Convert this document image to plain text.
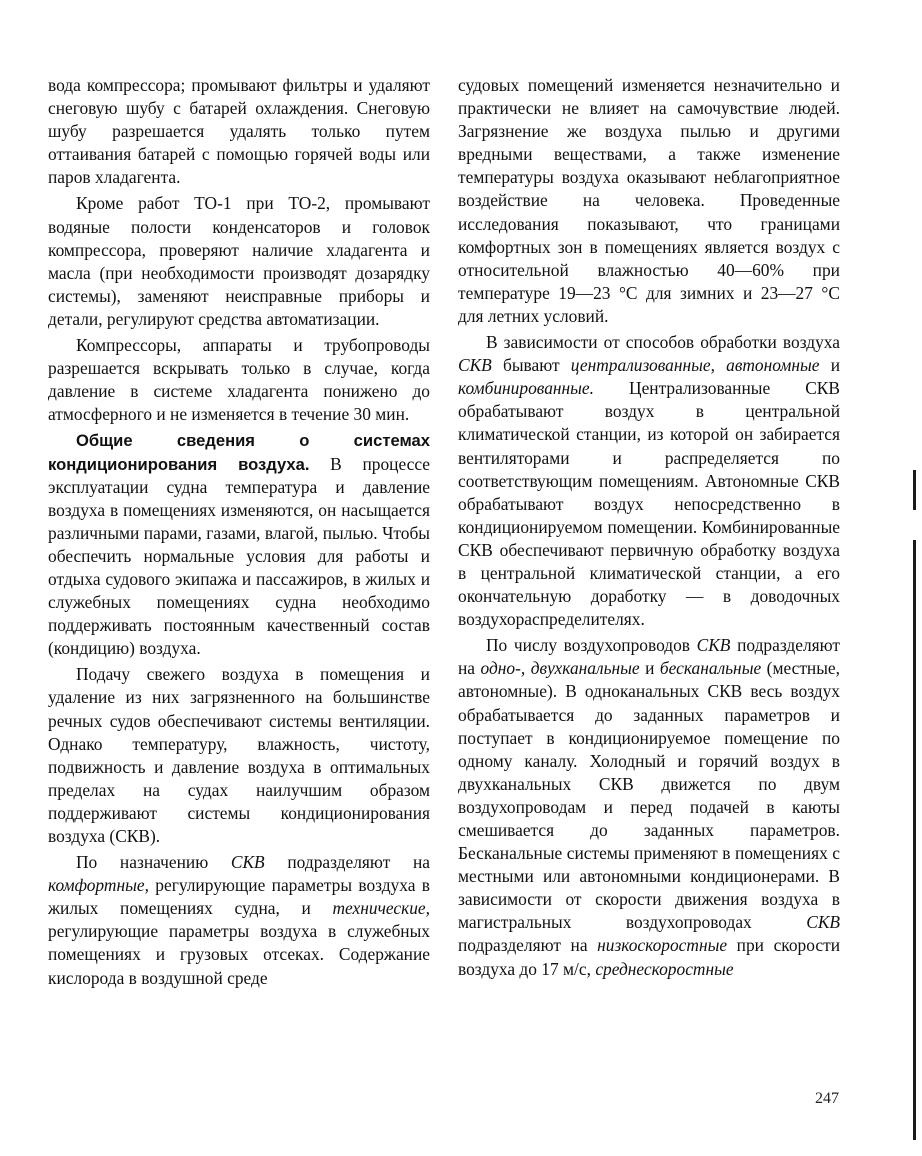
вода компрессора; промывают фильтры и удаляют снеговую шубу с батарей охлаждения. Снеговую шубу разрешается удалять только путем оттаивания батарей с помощью горячей воды или паров хладагента.

Кроме работ ТО-1 при ТО-2, промывают водяные полости конденсаторов и головок компрессора, проверяют наличие хладагента и масла (при необходимости производят дозарядку системы), заменяют неисправные приборы и детали, регулируют средства автоматизации.

Компрессоры, аппараты и трубопроводы разрешается вскрывать только в случае, когда давление в системе хладагента понижено до атмосферного и не изменяется в течение 30 мин.

Общие сведения о системах кондиционирования воздуха. В процессе эксплуатации судна температура и давление воздуха в помещениях изменяются, он насыщается различными парами, газами, влагой, пылью. Чтобы обеспечить нормальные условия для работы и отдыха судового экипажа и пассажиров, в жилых и служебных помещениях судна необходимо поддерживать постоянным качественный состав (кондицию) воздуха.

Подачу свежего воздуха в помещения и удаление из них загрязненного на большинстве речных судов обеспечивают системы вентиляции. Однако температуру, влажность, чистоту, подвижность и давление воздуха в оптимальных пределах на судах наилучшим образом поддерживают системы кондиционирования воздуха (СКВ).

По назначению СКВ подразделяют на комфортные, регулирующие параметры воздуха в жилых помещениях судна, и технические, регулирующие параметры воздуха в служебных помещениях и грузовых отсеках. Содержание кислорода в воздушной среде

судовых помещений изменяется незначительно и практически не влияет на самочувствие людей. Загрязнение же воздуха пылью и другими вредными веществами, а также изменение температуры воздуха оказывают неблагоприятное воздействие на человека. Проведенные исследования показывают, что границами комфортных зон в помещениях является воздух с относительной влажностью 40—60% при температуре 19—23 °С для зимних и 23—27 °С для летних условий.

В зависимости от способов обработки воздуха СКВ бывают централизованные, автономные и комбинированные. Централизованные СКВ обрабатывают воздух в центральной климатической станции, из которой он забирается вентиляторами и распределяется по соответствующим помещениям. Автономные СКВ обрабатывают воздух непосредственно в кондиционируемом помещении. Комбинированные СКВ обеспечивают первичную обработку воздуха в центральной климатической станции, а его окончательную доработку — в доводочных воздухораспределителях.

По числу воздухопроводов СКВ подразделяют на одно-, двухканальные и бесканальные (местные, автономные). В одноканальных СКВ весь воздух обрабатывается до заданных параметров и поступает в кондиционируемое помещение по одному каналу. Холодный и горячий воздух в двухканальных СКВ движется по двум воздухопроводам и перед подачей в каюты смешивается до заданных параметров. Бесканальные системы применяют в помещениях с местными или автономными кондиционерами. В зависимости от скорости движения воздуха в магистральных воздухопроводах СКВ подразделяют на низкоскоростные при скорости воздуха до 17 м/с, среднескоростные

247
